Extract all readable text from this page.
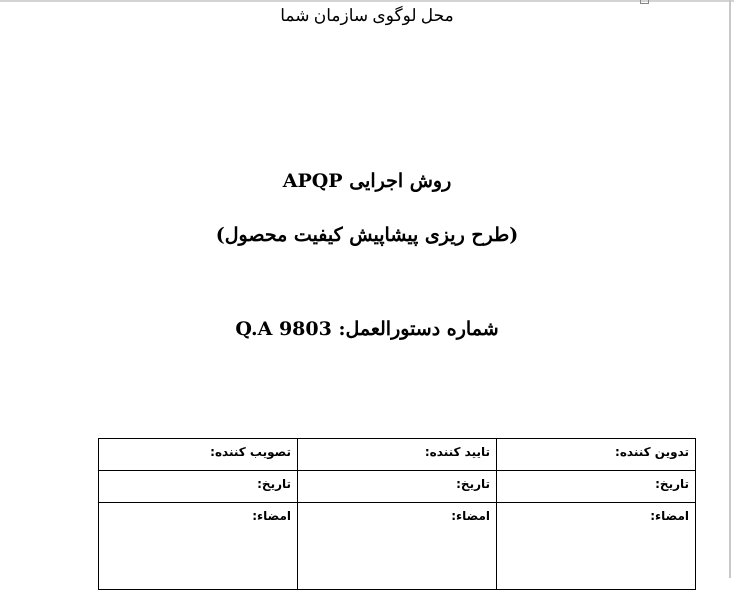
محل لوگوی سازمان شما
روش اجرایی APQP
(طرح ریزی پیشاپیش کیفیت محصول)
شماره دستورالعمل: Q.A 9803
تدوین کننده:	تایید کننده:	تصویب کننده:
تاریخ:	تاریخ:	تاریخ:
امضاء:	امضاء:	امضاء:
